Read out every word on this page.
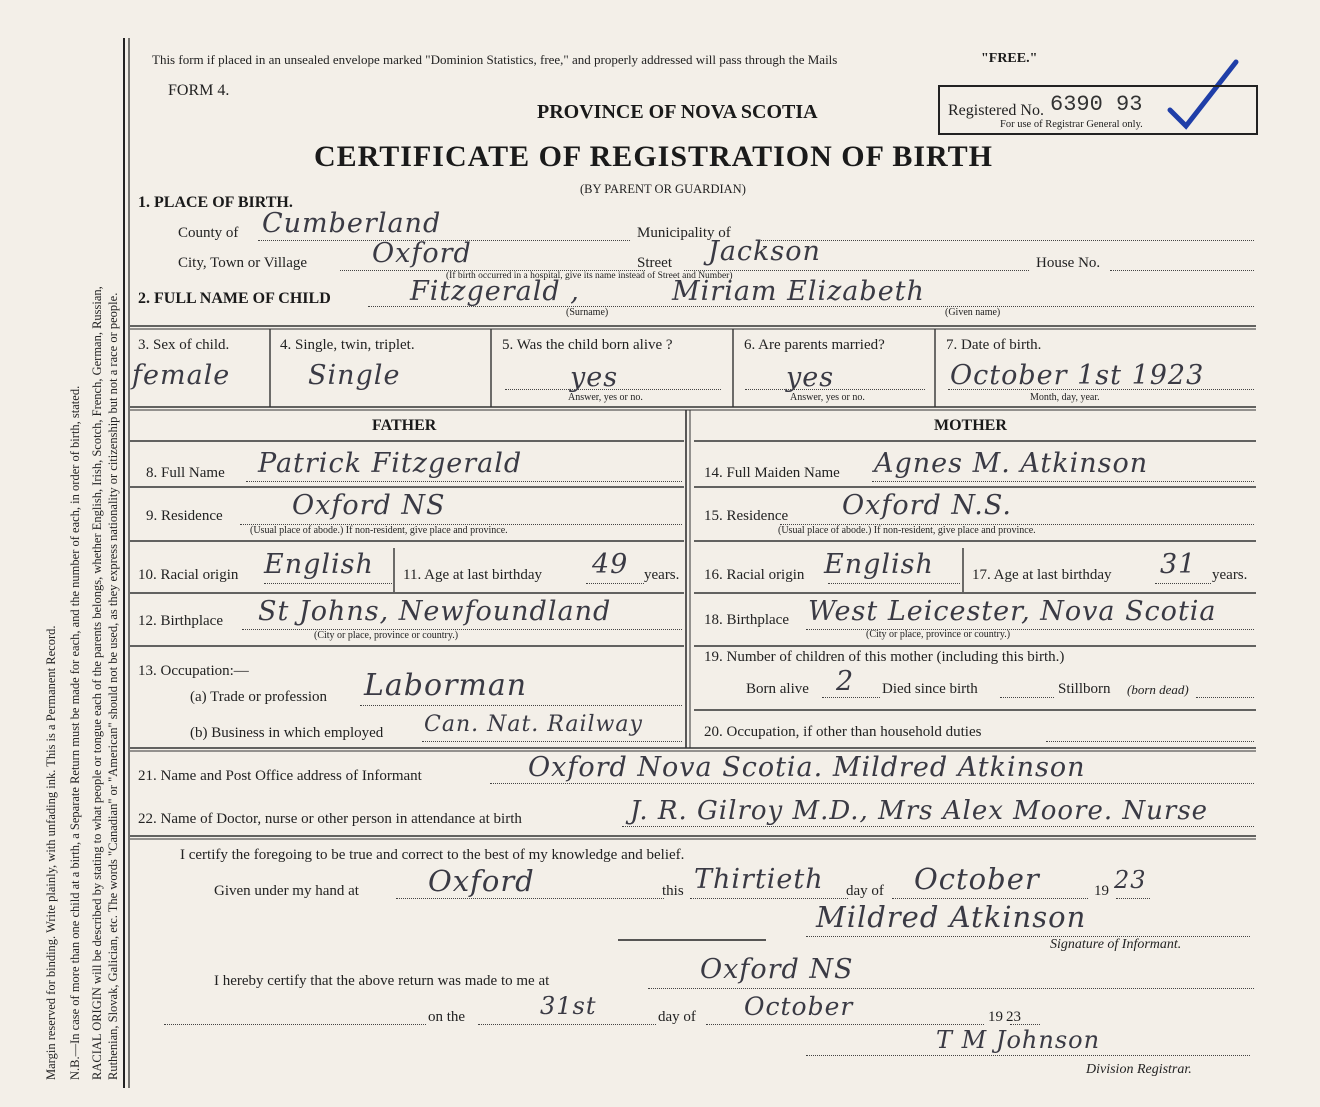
Margin reserved for binding. Write plainly, with unfading ink. This is a Permanent Record. N.B.—In case of more than one child at a birth, a Separate Return must be made for each, and the number of each, in order of birth, stated. RACIAL ORIGIN will be described by stating to what people or tongue each of the parents belongs, whether English, Irish, Scotch, French, German, Russian, Ruthenian, Slovak, Galician, etc. The words "Canadian" or "American" should not be used, as they express nationality or citizenship but not a race or people.
This form if placed in an unsealed envelope marked "Dominion Statistics, free," and properly addressed will pass through the Mails	"FREE."
FORM 4.
PROVINCE OF NOVA SCOTIA	Registered No. 6390 93
For use of Registrar General only.
CERTIFICATE OF REGISTRATION OF BIRTH
(BY PARENT OR GUARDIAN)
1. PLACE OF BIRTH.
County of Cumberland	Municipality of
City, Town or Village Oxford	Street Jackson	House No.
(If birth occurred in a hospital, give its name instead of Street and Number)
2. FULL NAME OF CHILD	Fitzgerald ,	Miriam Elizabeth
(Surname)	(Given name)
3. Sex of child.
female
4. Single, twin, triplet.
Single
5. Was the child born alive ?
yes
Answer, yes or no.
6. Are parents married?
yes
Answer, yes or no.
7. Date of birth.
October 1st 1923
Month, day, year.
FATHER
8. Full Name Patrick Fitzgerald
9. Residence	Oxford NS
(Usual place of abode.) If non-resident, give place and province.
10. Racial origin English 11. Age at last birthday 49 years.
12. Birthplace St Johns, Newfoundland
(City or place, province or country.)
13. Occupation:—
(a) Trade or profession Laborman
(b) Business in which employed Can. Nat. Railway
MOTHER
14. Full Maiden Name Agnes M. Atkinson
15. Residence Oxford N.S.
(Usual place of abode.) If non-resident, give place and province.
16. Racial origin English	17. Age at last birthday 31 years.
18. Birthplace West Leicester, Nova Scotia
(City or place, province or country.)
19. Number of children of this mother (including this birth.)
Born alive 2 Died since birth	Stillborn (born dead)
20. Occupation, if other than household duties
21. Name and Post Office address of Informant	Oxford Nova Scotia. Mildred Atkinson
22. Name of Doctor, nurse or other person in attendance at birth	J. R. Gilroy M.D., Mrs Alex Moore. Nurse
I certify the foregoing to be true and correct to the best of my knowledge and belief.
Given under my hand at Oxford	this Thirtieth day of October	19 23
Mildred Atkinson
Signature of Informant.
I hereby certify that the above return was made to me at	Oxford NS
on the	31st	day of October	19 23
T M Johnson
Division Registrar.
